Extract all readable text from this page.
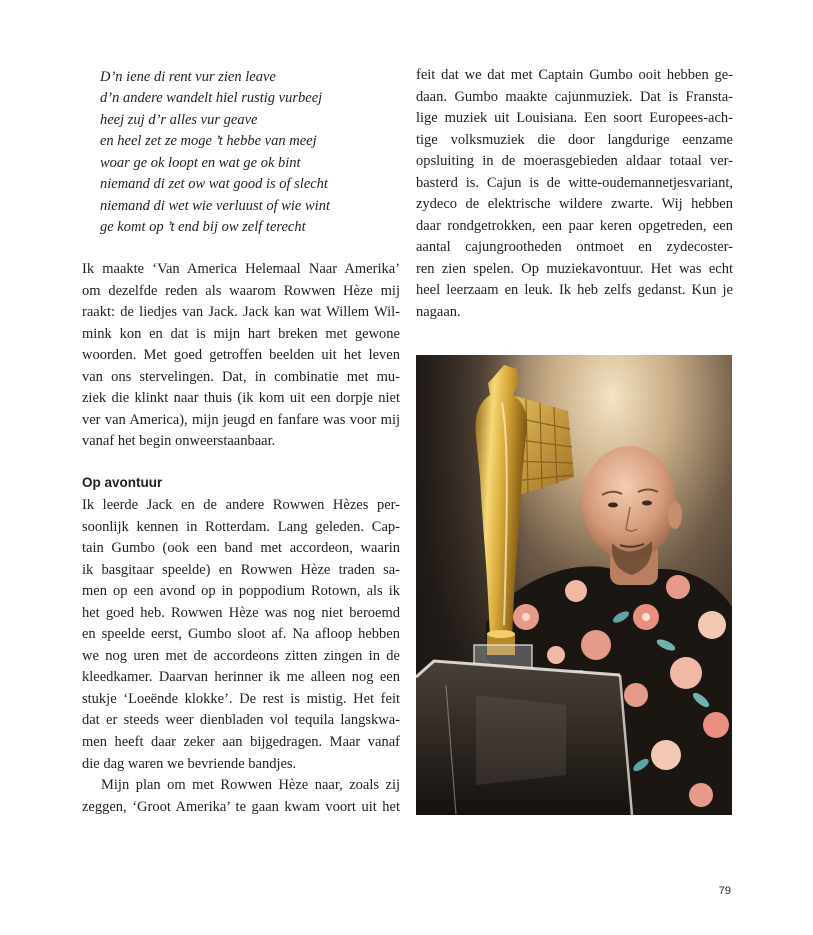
D’n iene di rent vur zien leave
d’n andere wandelt hiel rustig vurbeej
heej zuj d’r alles vur geave
en heel zet ze moge ’t hebbe van meej
woar ge ok loopt en wat ge ok bint
niemand di zet ow wat good is of slecht
niemand di wet wie verluust of wie wint
ge komt op ’t end bij ow zelf terecht
Ik maakte ‘Van America Helemaal Naar Amerika’
om dezelfde reden als waarom Rowwen Hèze mij
raakt: de liedjes van Jack. Jack kan wat Willem Wil-
mink kon en dat is mijn hart breken met gewone
woorden. Met goed getroffen beelden uit het leven
van ons stervelingen. Dat, in combinatie met mu-
ziek die klinkt naar thuis (ik kom uit een dorpje niet
ver van America), mijn jeugd en fanfare was voor mij
vanaf het begin onweerstaanbaar.
Op avontuur
Ik leerde Jack en de andere Rowwen Hèzes per-
soonlijk kennen in Rotterdam. Lang geleden. Cap-
tain Gumbo (ook een band met accordeon, waarin
ik basgitaar speelde) en Rowwen Hèze traden sa-
men op een avond op in poppodium Rotown, als ik
het goed heb. Rowwen Hèze was nog niet beroemd
en speelde eerst, Gumbo sloot af. Na afloop hebben
we nog uren met de accordeons zitten zingen in de
kleedkamer. Daarvan herinner ik me alleen nog een
stukje ‘Loeënde klokke’. De rest is mistig. Het feit
dat er steeds weer dienbladen vol tequila langskwa-
men heeft daar zeker aan bijgedragen. Maar vanaf
die dag waren we bevriende bandjes.
Mijn plan om met Rowwen Hèze naar, zoals zij
zeggen, ‘Groot Amerika’ te gaan kwam voort uit het
feit dat we dat met Captain Gumbo ooit hebben ge-
daan. Gumbo maakte cajunmuziek. Dat is Fransta-
lige muziek uit Louisiana. Een soort Europees-ach-
tige volksmuziek die door langdurige eenzame
opsluiting in de moerasgebieden aldaar totaal ver-
basterd is. Cajun is de witte-oudemannetjesvariant,
zydeco de elektrische wildere zwarte. Wij hebben
daar rondgetrokken, een paar keren opgetreden, een
aantal cajungrootheden ontmoet en zydecoster-
ren zien spelen. Op muziekavontuur. Het was echt
heel leerzaam en leuk. Ik heb zelfs gedanst. Kun je
nagaan.
79
